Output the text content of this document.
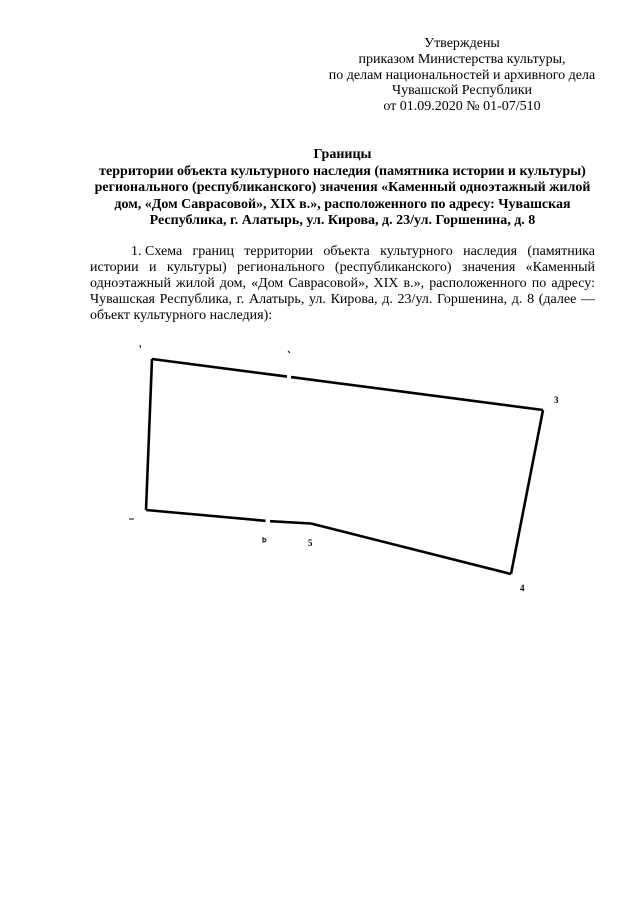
Утверждены
приказом Министерства культуры,
по делам национальностей и архивного дела
Чувашской Республики
от 01.09.2020 № 01-07/510
Границы
территории объекта культурного наследия (памятника истории и культуры)
регионального (республиканского) значения «Каменный одноэтажный жилой
дом, «Дом Саврасовой», XIX в.», расположенного по адресу: Чувашская
Республика, г. Алатырь, ул. Кирова, д. 23/ул. Горшенина, д. 8
1. Схема границ территории объекта культурного наследия (памятника
истории и культуры) регионального (республиканского) значения «Каменный
одноэтажный жилой дом, «Дом Саврасовой», XIX в.», расположенного по адресу:
Чувашская Республика, г. Алатырь, ул. Кирова, д. 23/ул. Горшенина, д. 8 (далее —
объект культурного наследия):
3
4
5
